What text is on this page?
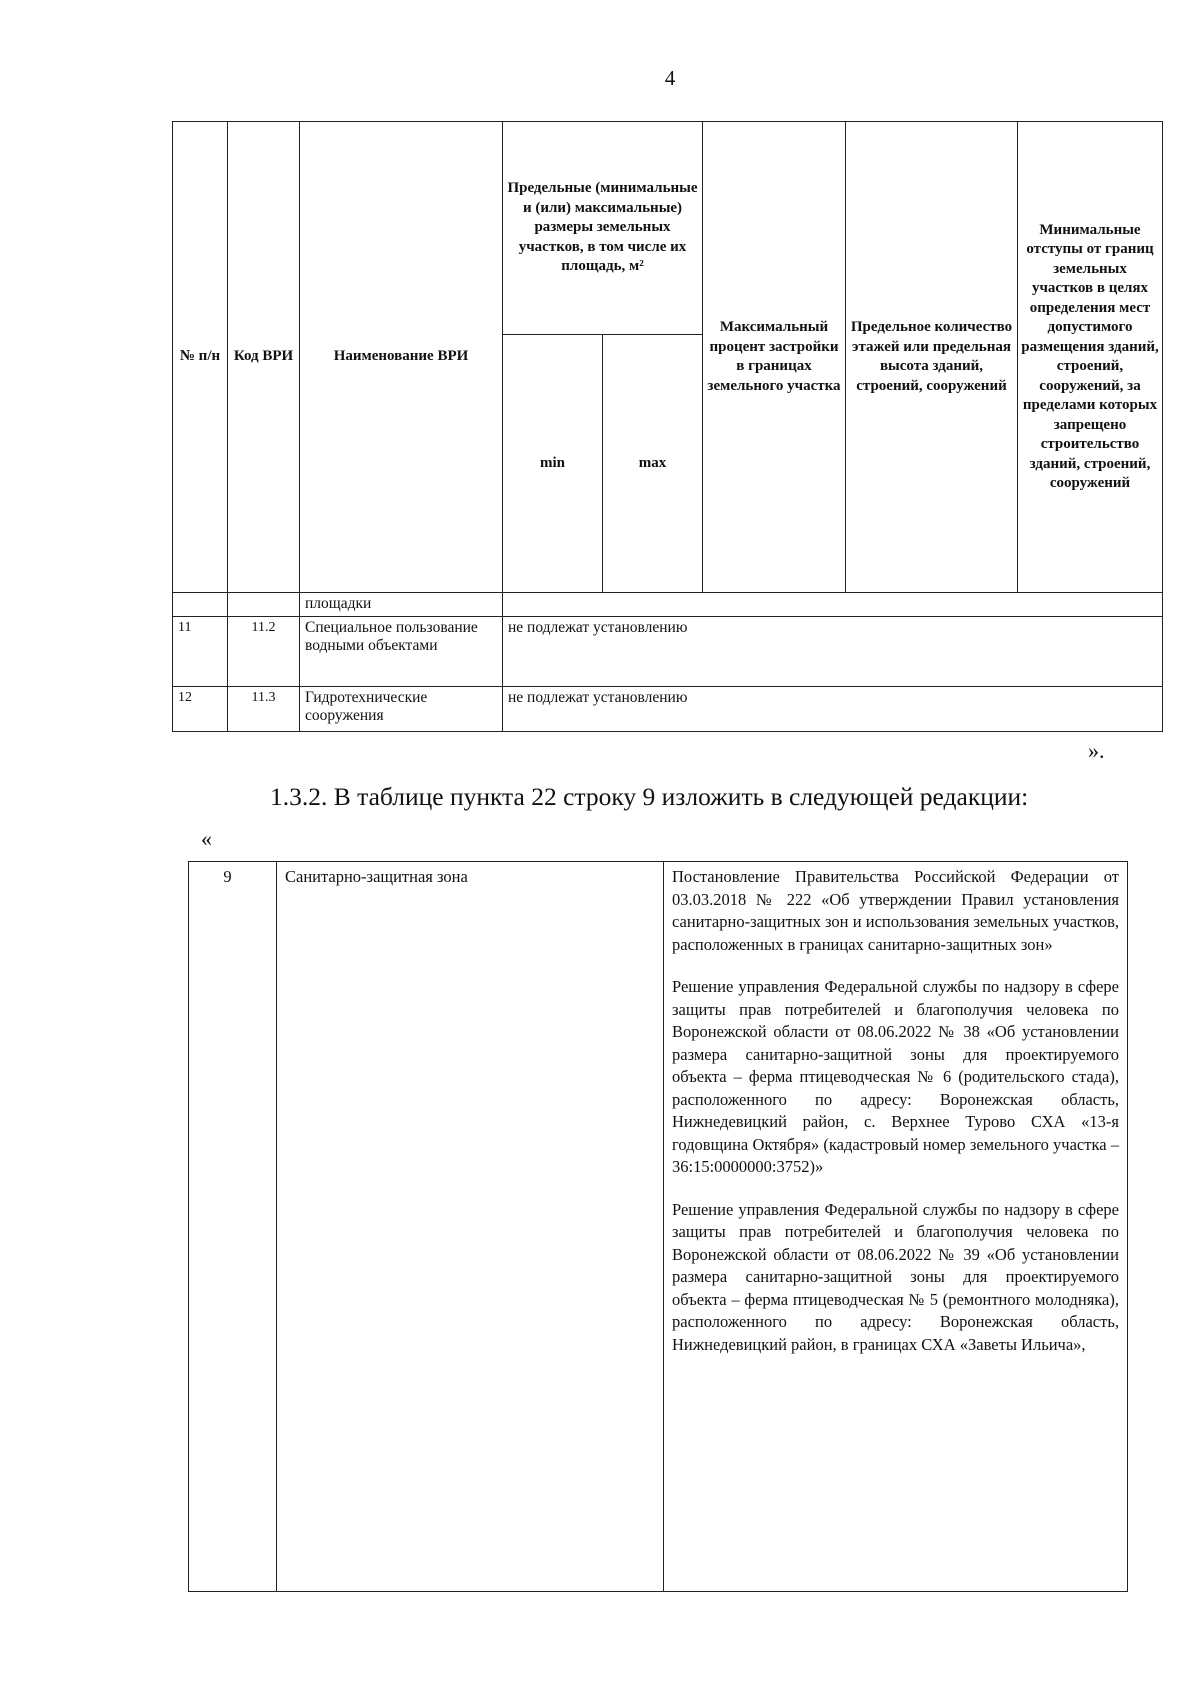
4
№ п/н	Код ВРИ	Наименование ВРИ	Предельные (минимальные и (или) максимальные) размеры земельных участков, в том числе их площадь, м²		Максимальный процент застройки в границах земельного участка	Предельное количество этажей или предельная высота зданий, строений, сооружений	Минимальные отступы от границ земельных участков в целях определения мест допустимого размещения зданий, строений, сооружений, за пределами которых запрещено строительство зданий, строений, сооружений

			min	max			

		площадки					
11	11.2	Специальное пользование водными объектами	не подлежат установлению				
12	11.3	Гидротехнические сооружения	не подлежат установлению				
».
1.3.2. В таблице пункта 22 строку 9 изложить в следующей редакции:
«
9	Санитарно-защитная зона	Постановление Правительства Российской Федерации от 03.03.2018 № 222 «Об утверждении Правил установления санитарно-защитных зон и использования земельных участков, расположенных в границах санитарно-защитных зон»

Решение управления Федеральной службы по надзору в сфере защиты прав потребителей и благополучия человека по Воронежской области от 08.06.2022 № 38 «Об установлении размера санитарно-защитной зоны для проектируемого объекта – ферма птицеводческая № 6 (родительского стада), расположенного по адресу: Воронежская область, Нижнедевицкий район, с. Верхнее Турово СХА «13-я годовщина Октября» (кадастровый номер земельного участка – 36:15:0000000:3752)»

Решение управления Федеральной службы по надзору в сфере защиты прав потребителей и благополучия человека по Воронежской области от 08.06.2022 № 39 «Об установлении размера санитарно-защитной зоны для проектируемого объекта – ферма птицеводческая № 5 (ремонтного молодняка), расположенного по адресу: Воронежская область, Нижнедевицкий район, в границах СХА «Заветы Ильича»,
